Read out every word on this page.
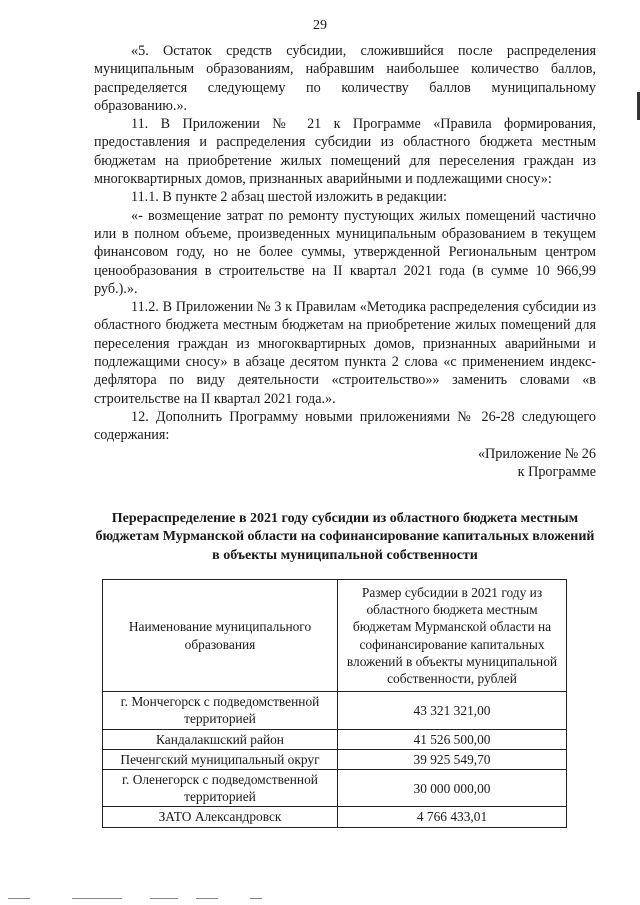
29

«5. Остаток средств субсидии, сложившийся после распределения муниципальным образованиям, набравшим наибольшее количество баллов, распределяется следующему по количеству баллов муниципальному образованию.».

11. В Приложении № 21 к Программе «Правила формирования, предоставления и распределения субсидии из областного бюджета местным бюджетам на приобретение жилых помещений для переселения граждан из многоквартирных домов, признанных аварийными и подлежащими сносу»:

11.1. В пункте 2 абзац шестой изложить в редакции:

«- возмещение затрат по ремонту пустующих жилых помещений частично или в полном объеме, произведенных муниципальным образованием в текущем финансовом году, но не более суммы, утвержденной Региональным центром ценообразования в строительстве на II квартал 2021 года (в сумме 10 966,99 руб.).».

11.2. В Приложении № 3 к Правилам «Методика распределения субсидии из областного бюджета местным бюджетам на приобретение жилых помещений для переселения граждан из многоквартирных домов, признанных аварийными и подлежащими сносу» в абзаце десятом пункта 2 слова «с применением индекс-дефлятора по виду деятельности «строительство»» заменить словами «в строительстве на II квартал 2021 года.».

12. Дополнить Программу новыми приложениями № 26-28 следующего содержания:

«Приложение № 26
к Программе

Перераспределение в 2021 году субсидии из областного бюджета местным бюджетам Мурманской области на софинансирование капитальных вложений в объекты муниципальной собственности
Наименование муниципального образования	Размер субсидии в 2021 году из областного бюджета местным бюджетам Мурманской области на софинансирование капитальных вложений в объекты муниципальной собственности, рублей
г. Мончегорск с подведомственной территорией	43 321 321,00
Кандалакшский район	41 526 500,00
Печенгский муниципальный округ	39 925 549,70
г. Оленегорск с подведомственной территорией	30 000 000,00
ЗАТО Александровск	4 766 433,01
